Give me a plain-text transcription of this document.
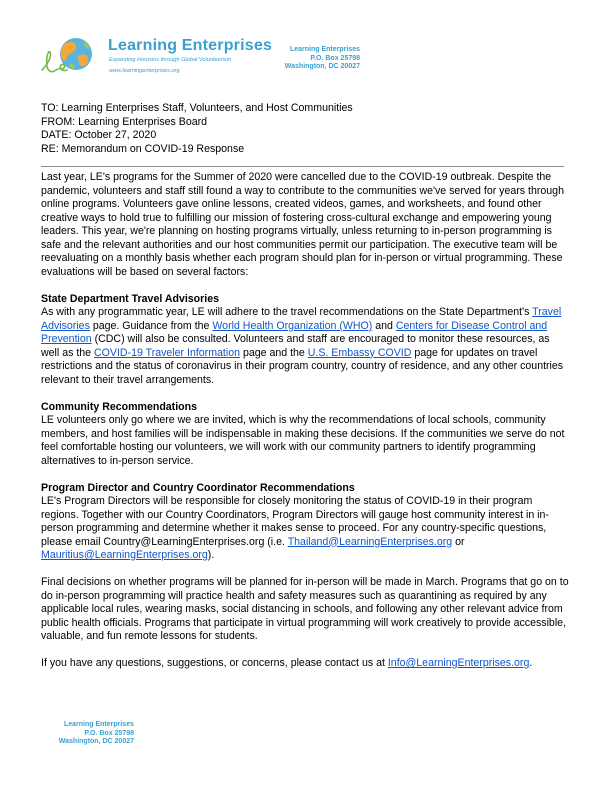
Learning Enterprises
Expanding Horizons through Global Volunteerism
www.learningenterprises.org
Learning Enterprises
P.O. Box 25798
Washington, DC 20027
TO: Learning Enterprises Staff, Volunteers, and Host Communities
FROM: Learning Enterprises Board
DATE: October 27, 2020
RE: Memorandum on COVID-19 Response

Last year, LE's programs for the Summer of 2020 were cancelled due to the COVID-19 outbreak. Despite the pandemic, volunteers and staff still found a way to contribute to the communities we've served for years through online programs. Volunteers gave online lessons, created videos, games, and worksheets, and found other creative ways to hold true to fulfilling our mission of fostering cross-cultural exchange and empowering young leaders. This year, we're planning on hosting programs virtually, unless returning to in-person programming is safe and the relevant authorities and our host communities permit our participation. The executive team will be reevaluating on a monthly basis whether each program should plan for in-person or virtual programming. These evaluations will be based on several factors:

State Department Travel Advisories

As with any programmatic year, LE will adhere to the travel recommendations on the State Department's Travel Advisories page. Guidance from the World Health Organization (WHO) and Centers for Disease Control and Prevention (CDC) will also be consulted. Volunteers and staff are encouraged to monitor these resources, as well as the COVID-19 Traveler Information page and the U.S. Embassy COVID page for updates on travel restrictions and the status of coronavirus in their program country, country of residence, and any other countries relevant to their travel arrangements.

Community Recommendations

LE volunteers only go where we are invited, which is why the recommendations of local schools, community members, and host families will be indispensable in making these decisions. If the communities we serve do not feel comfortable hosting our volunteers, we will work with our community partners to identify programming alternatives to in-person service.

Program Director and Country Coordinator Recommendations

LE's Program Directors will be responsible for closely monitoring the status of COVID-19 in their program regions. Together with our Country Coordinators, Program Directors will gauge host community interest in in-person programming and determine whether it makes sense to proceed. For any country-specific questions, please email Country@LearningEnterprises.org (i.e. Thailand@LearningEnterprises.org or Mauritius@LearningEnterprises.org).

Final decisions on whether programs will be planned for in-person will be made in March. Programs that go on to do in-person programming will practice health and safety measures such as quarantining as required by any applicable local rules, wearing masks, social distancing in schools, and following any other relevant advice from public health officials. Programs that participate in virtual programming will work creatively to provide accessible, valuable, and fun remote lessons for students.

If you have any questions, suggestions, or concerns, please contact us at Info@LearningEnterprises.org.

Learning Enterprises
P.O. Box 25798
Washington, DC 20027
